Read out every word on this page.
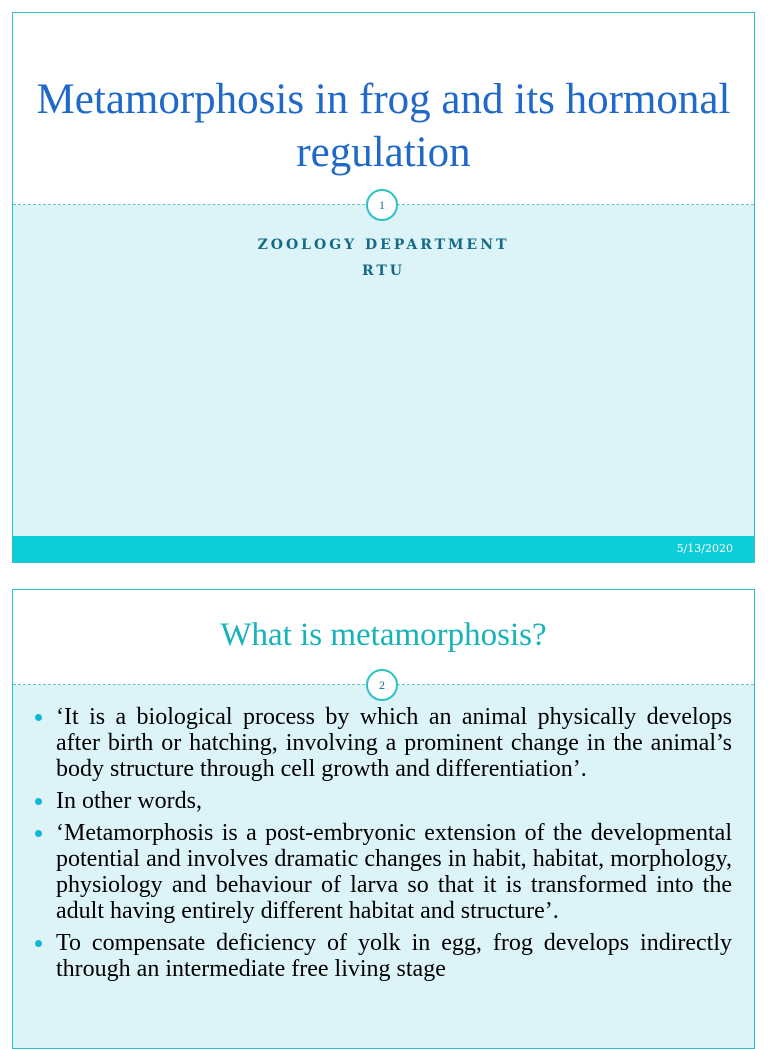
Metamorphosis in frog and its hormonal regulation
ZOOLOGY DEPARTMENT
RTU
5/13/2020
1
What is metamorphosis?
‘It is a biological process by which an animal physically develops after birth or hatching, involving a prominent change in the animal’s body structure through cell growth and differentiation’.
In other words,
‘Metamorphosis is a post-embryonic extension of the developmental potential and involves dramatic changes in habit, habitat, morphology, physiology and behaviour of larva so that it is transformed into the adult having entirely different habitat and structure’.
To compensate deficiency of yolk in egg, frog develops indirectly through an intermediate free living stage
2
